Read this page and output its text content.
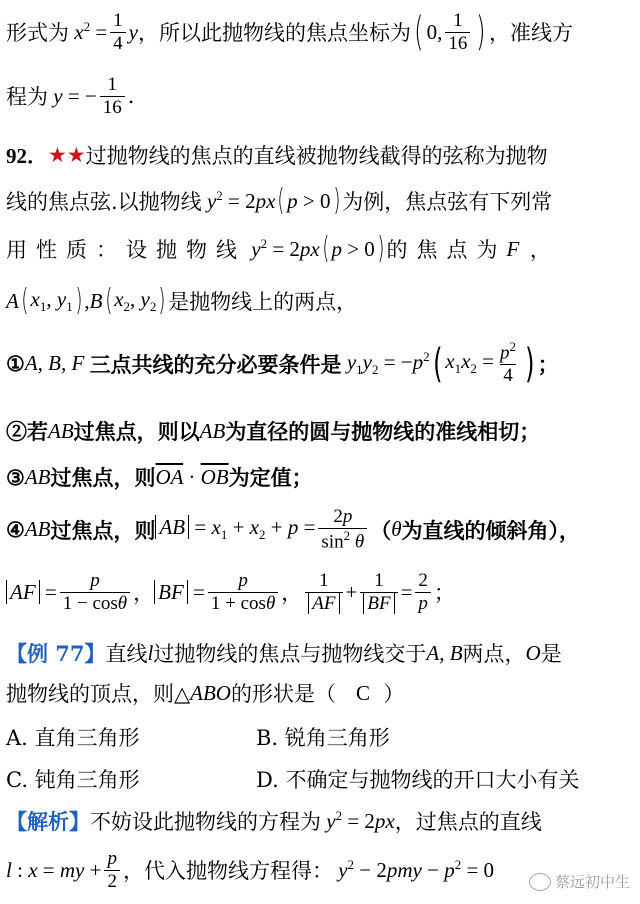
形式为 $x^2 = \frac{1}{4}$ y ，所以此抛物线的焦点坐标为 ( 0, $\frac{1}{16}$ ) ，准线方
程为 y = − $\frac{1}{16}$ .
92． ★★ 过抛物线的焦点的直线被抛物线截得的弦称为抛物
线的焦点弦.以抛物线 $y^2 = 2px$ ( p > 0 ) 为例，焦点弦有下列常
用性质：设抛物线 $y^2 = 2px$ ( p > 0 ) 的焦点为 F ，
A ( $x_1$, $y_1$ ) , B ( $x_2$, $y_2$ ) 是抛物线上的两点，
① A, B, F 三点共线的充分必要条件是 $y_1y_2 = -p^2$ ( $x_1x_2 = \frac{p^2}{4}$ ) ；
②若 AB 过焦点，则以 AB 为直径的圆与抛物线的准线相切；
③ AB 过焦点，则 $\overline{OA} \cdot \overline{OB}$ 为定值；
④ AB 过焦点，则 AB = $x_1 + x_2 + p = \frac{2p}{\sin^2 \theta}$ （ θ 为直线的倾斜角），
AF = $\frac{p}{1 - \cos\theta}$ ， BF = $\frac{p}{1 + \cos\theta}$ ， $\frac{1}{AF} + \frac{1}{BF} = \frac{2}{p}$ ；
【例 77】 直线 l 过抛物线的焦点与抛物线交于 A, B 两点， O 是
抛物线的顶点，则△ ABO 的形状是（
C
）
A. 直角三角形	B. 锐角三角形
C. 钝角三角形	D. 不确定与抛物线的开口大小有关
【解析】 不妨设此抛物线的方程为 $y^2 = 2px$ ，过焦点的直线
l : x = my + $\frac{p}{2}$ ，代入抛物线方程得： $y^2 - 2pmy - p^2 = 0$	蔡远初中生
